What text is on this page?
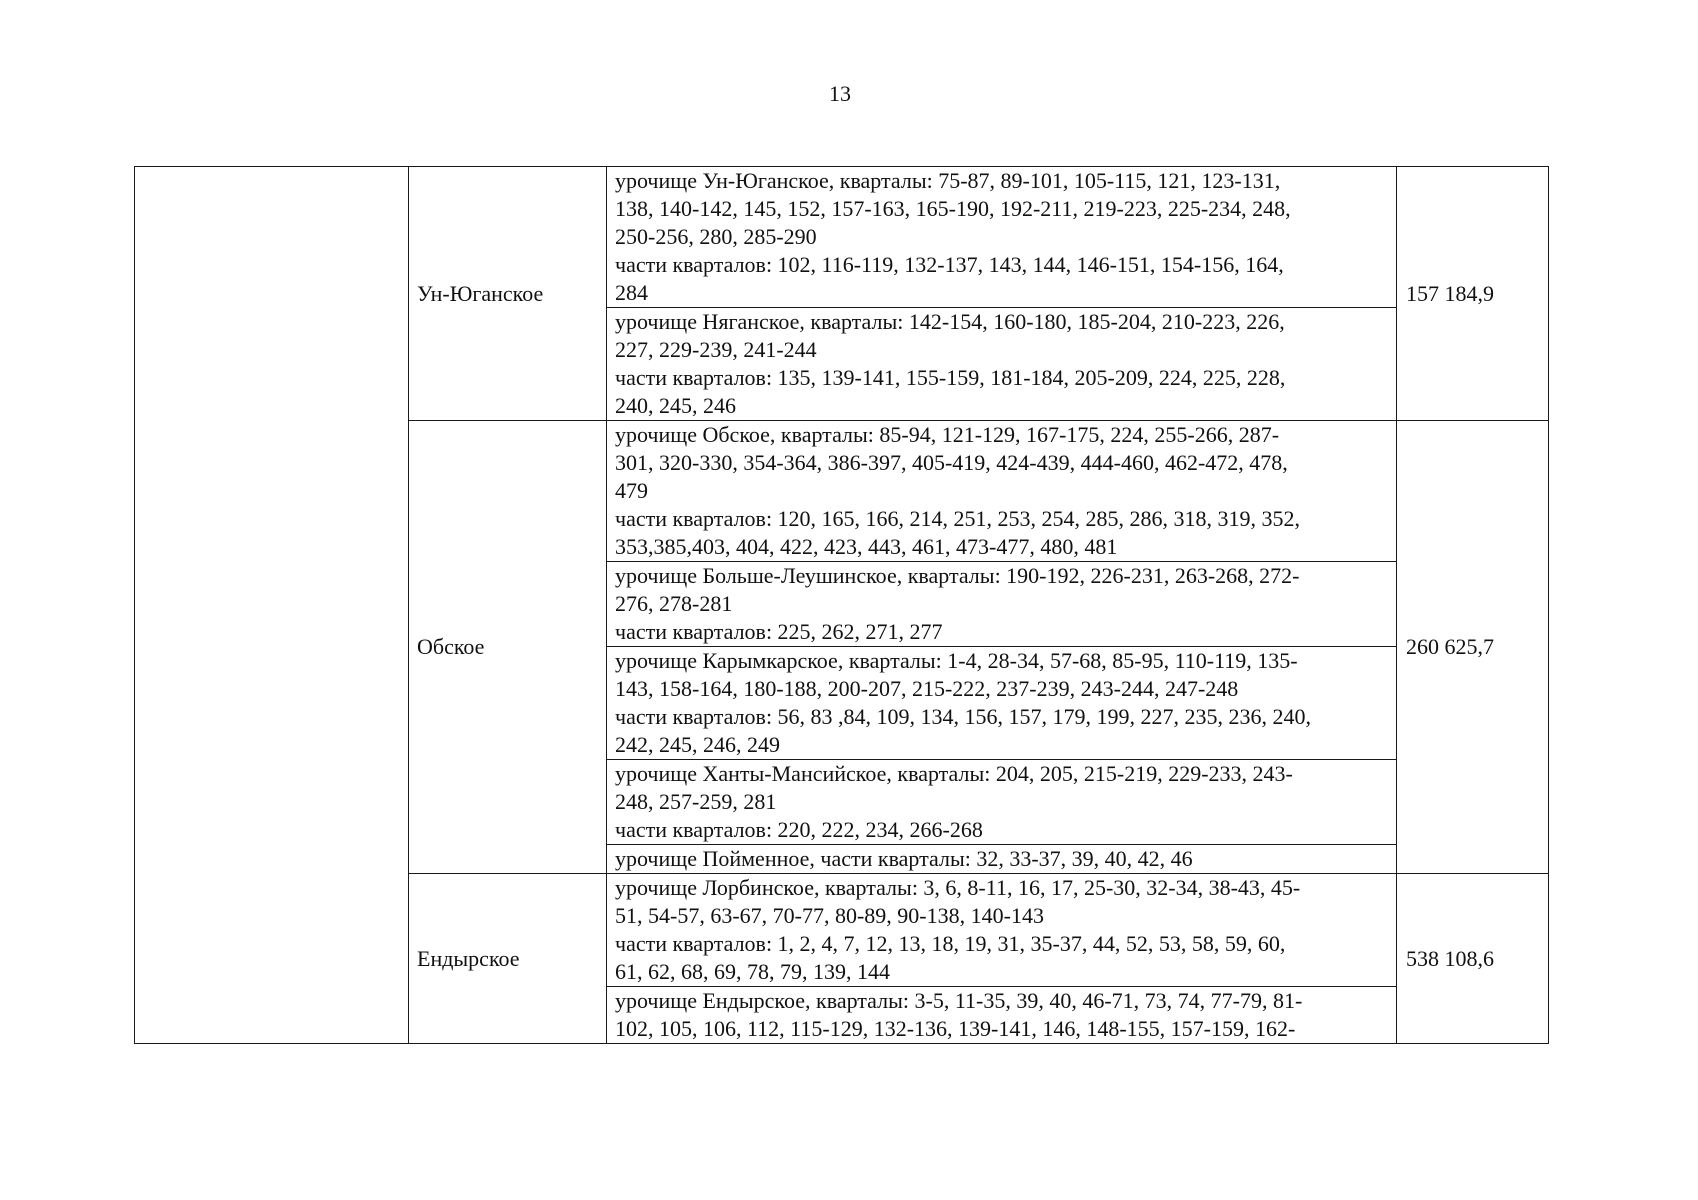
13
	Ун-Юганское	урочище Ун-Юганское, кварталы: 75-87, 89-101, 105-115, 121, 123-131,
138, 140-142, 145, 152, 157-163, 165-190, 192-211, 219-223, 225-234, 248,
250-256, 280, 285-290
части кварталов: 102, 116-119, 132-137, 143, 144, 146-151, 154-156, 164,
284	157 184,9

		урочище Няганское, кварталы: 142-154, 160-180, 185-204, 210-223, 226,
227, 229-239, 241-244
части кварталов: 135, 139-141, 155-159, 181-184, 205-209, 224, 225, 228,
240, 245, 246	

	Обское	урочище Обское, кварталы: 85-94, 121-129, 167-175, 224, 255-266, 287-
301, 320-330, 354-364, 386-397, 405-419, 424-439, 444-460, 462-472, 478,
479
части кварталов: 120, 165, 166, 214, 251, 253, 254, 285, 286, 318, 319, 352,
353,385,403, 404, 422, 423, 443, 461, 473-477, 480, 481	260 625,7

		урочище Больше-Леушинское, кварталы: 190-192, 226-231, 263-268, 272-
276, 278-281
части кварталов: 225, 262, 271, 277	

		урочище Карымкарское, кварталы: 1-4, 28-34, 57-68, 85-95, 110-119, 135-
143, 158-164, 180-188, 200-207, 215-222, 237-239, 243-244, 247-248
части кварталов: 56, 83 ,84, 109, 134, 156, 157, 179, 199, 227, 235, 236, 240,
242, 245, 246, 249	

		урочище Ханты-Мансийское, кварталы: 204, 205, 215-219, 229-233, 243-
248, 257-259, 281
части кварталов: 220, 222, 234, 266-268	

		урочище Пойменное, части кварталы: 32, 33-37, 39, 40, 42, 46	

	Ендырское	урочище Лорбинское, кварталы: 3, 6, 8-11, 16, 17, 25-30, 32-34, 38-43, 45-
51, 54-57, 63-67, 70-77, 80-89, 90-138, 140-143
части кварталов: 1, 2, 4, 7, 12, 13, 18, 19, 31, 35-37, 44, 52, 53, 58, 59, 60,
61, 62, 68, 69, 78, 79, 139, 144	538 108,6

		урочище Ендырское, кварталы: 3-5, 11-35, 39, 40, 46-71, 73, 74, 77-79, 81-
102, 105, 106, 112, 115-129, 132-136, 139-141, 146, 148-155, 157-159, 162-	
